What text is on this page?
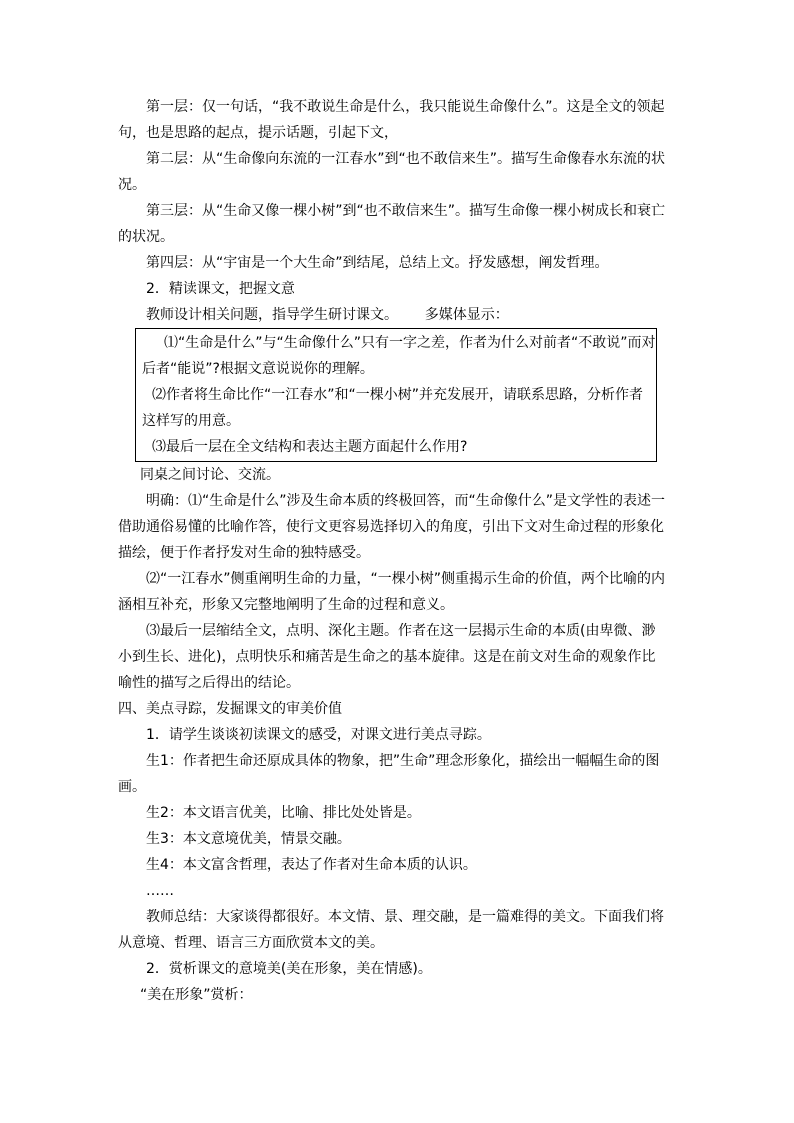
第一层：仅一句话，“我不敢说生命是什么，我只能说生命像什么”。这是全文的领起句，也是思路的起点，提示话题，引起下文，

第二层：从“生命像向东流的一江春水”到“也不敢信来生”。描写生命像春水东流的状况。

第三层：从“生命又像一棵小树”到“也不敢信来生”。描写生命像一棵小树成长和衰亡的状况。

第四层：从“宇宙是一个大生命”到结尾，总结上文。抒发感想，阐发哲理。

2．精读课文，把握文意

教师设计相关问题，指导学生研讨课文。      多媒体显示：

⑴“生命是什么”与“生命像什么”只有一字之差，作者为什么对前者“不敢说”而对后者“能说”?根据文意说说你的理解。

⑵作者将生命比作“一江春水”和“一棵小树”并充发展开，请联系思路，分析作者这样写的用意。

⑶最后一层在全文结构和表达主题方面起什么作用?

同桌之间讨论、交流。

明确：⑴“生命是什么”涉及生命本质的终极回答，而“生命像什么”是文学性的表述一借助通俗易懂的比喻作答，使行文更容易选择切入的角度，引出下文对生命过程的形象化描绘，便于作者抒发对生命的独特感受。

⑵“一江春水”侧重阐明生命的力量，“一棵小树”侧重揭示生命的价值，两个比喻的内涵相互补充，形象又完整地阐明了生命的过程和意义。

⑶最后一层缩结全文，点明、深化主题。作者在这一层揭示生命的本质(由卑微、渺小到生长、进化)，点明快乐和痛苦是生命之的基本旋律。这是在前文对生命的观象作比喻性的描写之后得出的结论。

四、美点寻踪，发掘课文的审美价值

1．请学生谈谈初读课文的感受，对课文进行美点寻踪。

生1：作者把生命还原成具体的物象，把”生命”理念形象化，描绘出一幅幅生命的图画。

生2：本文语言优美，比喻、排比处处皆是。

生3：本文意境优美，情景交融。

生4：本文富含哲理，表达了作者对生命本质的认识。

……

教师总结：大家谈得都很好。本文情、景、理交融，是一篇难得的美文。下面我们将从意境、哲理、语言三方面欣赏本文的美。

2．赏析课文的意境美(美在形象，美在情感)。

“美在形象”赏析：
